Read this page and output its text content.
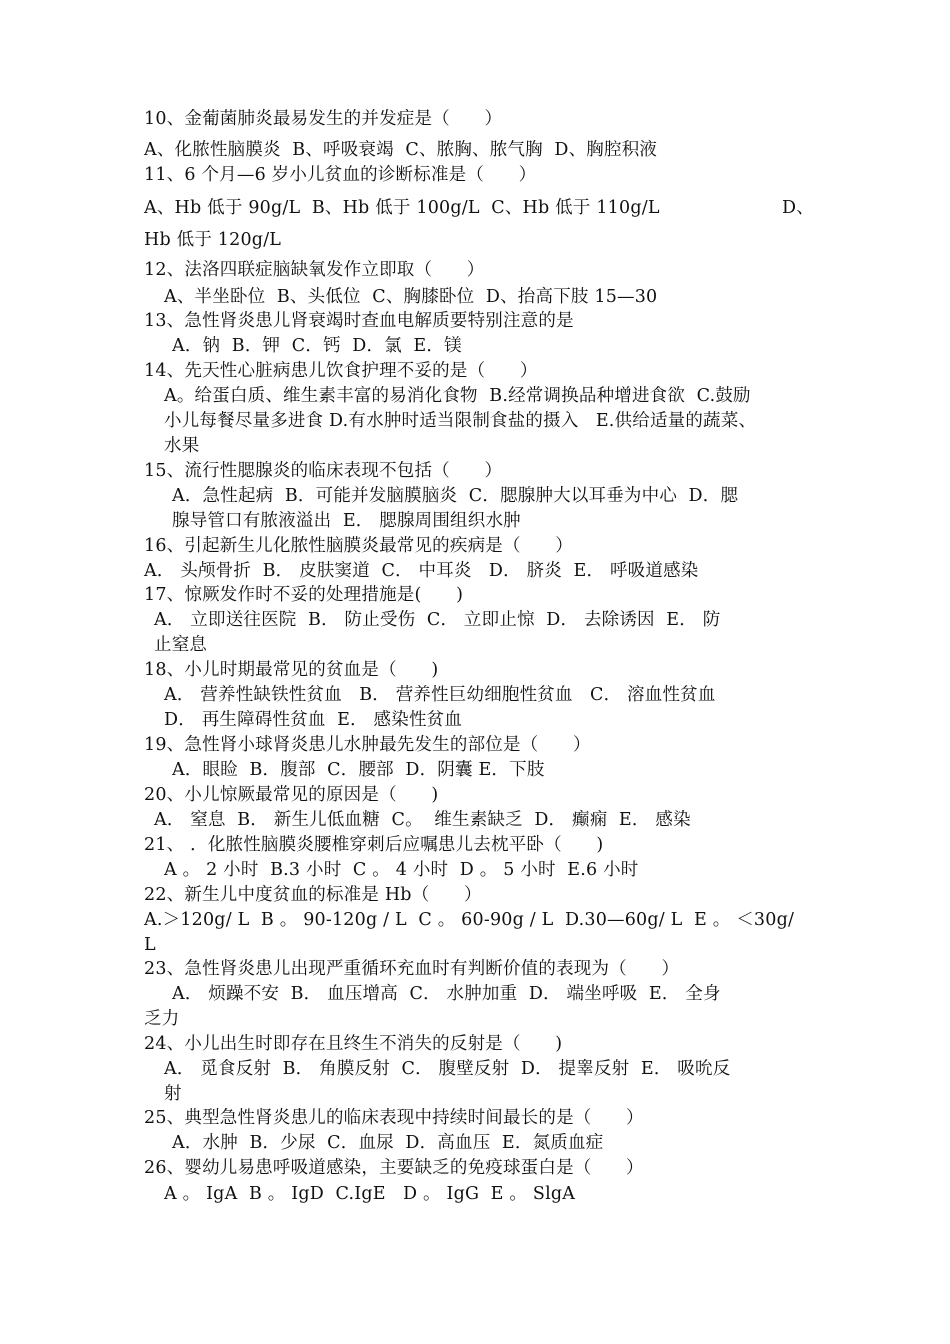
10、金葡菌肺炎最易发生的并发症是（      ）
A、化脓性脑膜炎  B、呼吸衰竭  C、脓胸、脓气胸  D、胸腔积液
11、6 个月—6 岁小儿贫血的诊断标准是（      ）
A、Hb 低于 90g/L  B、Hb 低于 100g/L  C、Hb 低于 110g/L	D、
Hb 低于 120g/L
12、法洛四联症脑缺氧发作立即取（      ）
A、半坐卧位  B、头低位  C、胸膝卧位  D、抬高下肢 15—30
13、急性肾炎患儿肾衰竭时查血电解质要特别注意的是
A．钠  B．钾  C．钙  D．氯  E．镁
14、先天性心脏病患儿饮食护理不妥的是（      ）
A。给蛋白质、维生素丰富的易消化食物  B.经常调换品种增进食欲  C.鼓励
小儿每餐尽量多进食 D.有水肿时适当限制食盐的摄入   E.供给适量的蔬菜、
水果
15、流行性腮腺炎的临床表现不包括（      ）
A．急性起病  B．可能并发脑膜脑炎  C．腮腺肿大以耳垂为中心  D．腮
腺导管口有脓液溢出  E． 腮腺周围组织水肿
16、引起新生儿化脓性脑膜炎最常见的疾病是（      ）
A． 头颅骨折  B． 皮肤窦道  C． 中耳炎   D． 脐炎  E． 呼吸道感染
17、惊厥发作时不妥的处理措施是(      )
A． 立即送往医院  B． 防止受伤  C． 立即止惊  D． 去除诱因  E． 防
止窒息
18、小儿时期最常见的贫血是（      )
A． 营养性缺铁性贫血   B． 营养性巨幼细胞性贫血   C． 溶血性贫血
D． 再生障碍性贫血  E． 感染性贫血
19、急性肾小球肾炎患儿水肿最先发生的部位是（      ）
A．眼睑  B．腹部  C．腰部  D．阴囊 E．下肢
20、小儿惊厥最常见的原因是（      )
A． 窒息  B． 新生儿低血糖  C。  维生素缺乏  D． 癫痫  E． 感染
21、 ．化脓性脑膜炎腰椎穿刺后应嘱患儿去枕平卧（      )
A 。 2 小时  B.3 小时  C 。 4 小时  D 。 5 小时  E.6 小时
22、新生儿中度贫血的标准是 Hb（      ）
A.＞120g/ L  B 。 90-120g / L  C 。 60-90g / L  D.30—60g/ L  E 。 ＜30g/
L
23、急性肾炎患儿出现严重循环充血时有判断价值的表现为（      ）
A． 烦躁不安  B． 血压增高  C． 水肿加重  D． 端坐呼吸  E． 全身
乏力
24、小儿出生时即存在且终生不消失的反射是（      )
A． 觅食反射  B． 角膜反射  C． 腹壁反射  D． 提睾反射  E． 吸吮反
射
25、典型急性肾炎患儿的临床表现中持续时间最长的是（      ）
A．水肿  B．少尿  C．血尿  D．高血压  E．氮质血症
26、婴幼儿易患呼吸道感染，主要缺乏的免疫球蛋白是（      ）
A 。 IgA  B 。 IgD  C.IgE   D 。 IgG  E 。 SlgA
